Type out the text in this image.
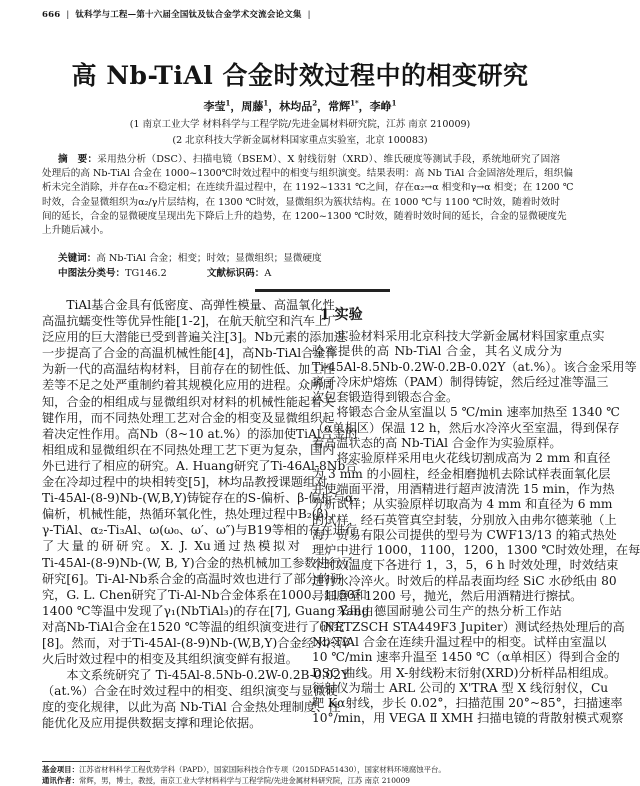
666 | 钛科学与工程—第十六届全国钛及钛合金学术交流会论文集 |
高 Nb-TiAl 合金时效过程中的相变研究
李莹$^1$，周藤$^1$，林均品$^2$，常辉$^{1*}$，李峥$^1$
(1 南京工业大学 材料科学与工程学院/先进金属材料研究院，江苏 南京 210009)
(2 北京科技大学新金属材料国家重点实验室，北京 100083)
摘　要：采用热分析（DSC）、扫描电镜（BSEM）、X 射线衍射（XRD）、维氏硬度等测试手段，系统地研究了固溶
处理后的高 Nb-TiAl 合金在 1000~1300℃时效过程中的相变与组织演变。结果表明：高 Nb TiAl 合金固溶处理后，组织偏
析未完全消除，并存在α₂不稳定相；在连续升温过程中，在 1192~1331 ℃之间，存在α₂→α 相变和γ→α 相变；在 1200 ℃
时效，合金显微组织为α₂/γ片层结构，在 1300 ℃时效，显微组织为簇状结构。在 1000 ℃与 1100 ℃时效，随着时效时
间的延长，合金的显微硬度呈现出先下降后上升的趋势，在 1200~1300 ℃时效，随着时效时间的延长，合金的显微硬度先
上升随后减小。
关键词：高 Nb-TiAl 合金；相变；时效；显微组织；显微硬度
中图法分类号：TG146.2	文献标识码：A
TiAl基合金具有低密度、高弹性模量、高温氧化性、
高温抗蠕变性等优异性能[1-2]，在航天航空和汽车上广
泛应用的巨大潜能已受到普遍关注[3]。Nb元素的添加进
一步提高了合金的高温机械性能[4]，高Nb-TiAl合金作
为新一代的高温结构材料，目前存在的韧性低、加工性
差等不足之处严重制约着其规模化应用的进程。众所周
知，合金的相组成与显微组织对材料的机械性能起着关
键作用，而不同热处理工艺对合金的相变及显微组织起
着决定性作用。高Nb（8~10 at.%）的添加使TiAl合金的
相组成和显微组织在不同热处理工艺下更为复杂，国内
外已进行了相应的研究。A. Huang研究了Ti-46Al-8Nb合
金在冷却过程中的块相转变[5]，林均品教授课题组对
Ti-45Al-(8-9)Nb-(W,B,Y)铸锭存在的S-偏析、β-偏析与α-
偏析，机械性能，热循环氧化性，热处理过程中B₂(β)、
γ-TiAl、α₂-Ti₃Al、ω(ω₀、ω′、ω″)与B19等相的存在进行
了大量的研研究。X. J. Xu通过热模拟对
Ti-45Al-(8-9)Nb-(W, B, Y)合金的热机械加工参数进行了
研究[6]。Ti-Al-Nb系合金的高温时效也进行了部分的研
究，G. L. Chen研究了Ti-Al-Nb合金体系在1000、1150和
1400 ℃等温中发现了γ₁(NbTiAl₃)的存在[7], Guang Yang
对高Nb-TiAl合金在1520 ℃等温的组织演变进行了研究
[8]。然而，对于Ti-45Al-(8-9)Nb-(W,B,Y)合金经水冷淬
火后时效过程中的相变及其组织演变鲜有报道。
本文系统研究了 Ti-45Al-8.5Nb-0.2W-0.2B-0.02Y
（at.%）合金在时效过程中的相变、组织演变与显微硬
度的变化规律，以此为高 Nb-TiAl 合金热处理制度、性
能优化及应用提供数据支撑和理论依据。
1 实验
实验材料采用北京科技大学新金属材料国家重点实
验室提供的高 Nb-TiAl 合金，其名义成分为
Ti-45Al-8.5Nb-0.2W-0.2B-0.02Y（at.%）。该合金采用等
离子冷床炉熔炼（PAM）制得铸锭，然后经过准等温三
次包套锻造得到锻态合金。
将锻态合金从室温以 5 ℃/min 速率加热至 1340 ℃
（α单相区）保温 12 h，然后水冷淬火至室温，得到保存
着高温状态的高 Nb-TiAl 合金作为实验原样。
将实验原样采用电火花线切割成高为 2 mm 和直径
为 3 mm 的小圆柱，经金相磨抛机去除试样表面氧化层
并使端面平滑，用酒精进行超声波清洗 15 min，作为热
分析试样；从实验原样切取高为 4 mm 和直径为 6 mm
的试样，经石英管真空封装，分别放入由弗尔德莱驰（上
海）贸易有限公司提供的型号为 CWF13/13 的箱式热处
理炉中进行 1000，1100，1200，1300 ℃时效处理，在每
个时效温度下各进行 1，3，5，6 h 时效处理，时效结束
进行水冷淬火。时效后的样品表面均经 SiC 水砂纸由 80
号细磨至 1200 号，抛光，然后用酒精进行擦拭。
采用由德国耐驰公司生产的热分析工作站
（NETZSCH STA449F3 Jupiter）测试经热处理后的高
Nb-TiAl 合金在连续升温过程中的相变。试样由室温以
10 ℃/min 速率升温至 1450 ℃（α单相区）得到合金的
DSC 曲线。用 X-射线粉末衍射(XRD)分析样品相组成。
衍射仪为瑞士 ARL 公司的 X'TRA 型 X 线衍射仪，Cu
靶 Kα射线，步长 0.02°，扫描范围 20°~85°，扫描速率
10°/min，用 VEGA Ⅱ XMH 扫描电镜的背散射模式观察
基金项目：江苏省材料科学工程优势学科（PAPD），国家国际科技合作专项（2015DFA51430），国家材料环境腐蚀平台。
通讯作者：常辉，男，博士，教授，南京工业大学材料科学与工程学院/先进金属材料研究院，江苏 南京 210009
